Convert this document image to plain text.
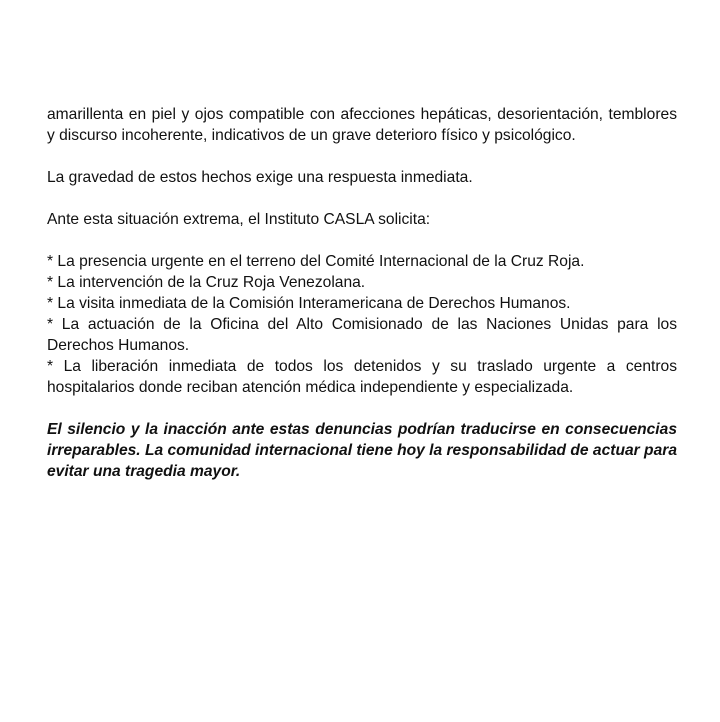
amarillenta en piel y ojos compatible con afecciones hepáticas, desorientación, temblores y discurso incoherente, indicativos de un grave deterioro físico y psicológico.

La gravedad de estos hechos exige una respuesta inmediata.

Ante esta situación extrema, el Instituto CASLA solicita:

* La presencia urgente en el terreno del Comité Internacional de la Cruz Roja.

* La intervención de la Cruz Roja Venezolana.

* La visita inmediata de la Comisión Interamericana de Derechos Humanos.

* La actuación de la Oficina del Alto Comisionado de las Naciones Unidas para los Derechos Humanos.

* La liberación inmediata de todos los detenidos y su traslado urgente a centros hospitalarios donde reciban atención médica independiente y especializada.

El silencio y la inacción ante estas denuncias podrían traducirse en consecuencias irreparables. La comunidad internacional tiene hoy la responsabilidad de actuar para evitar una tragedia mayor.
